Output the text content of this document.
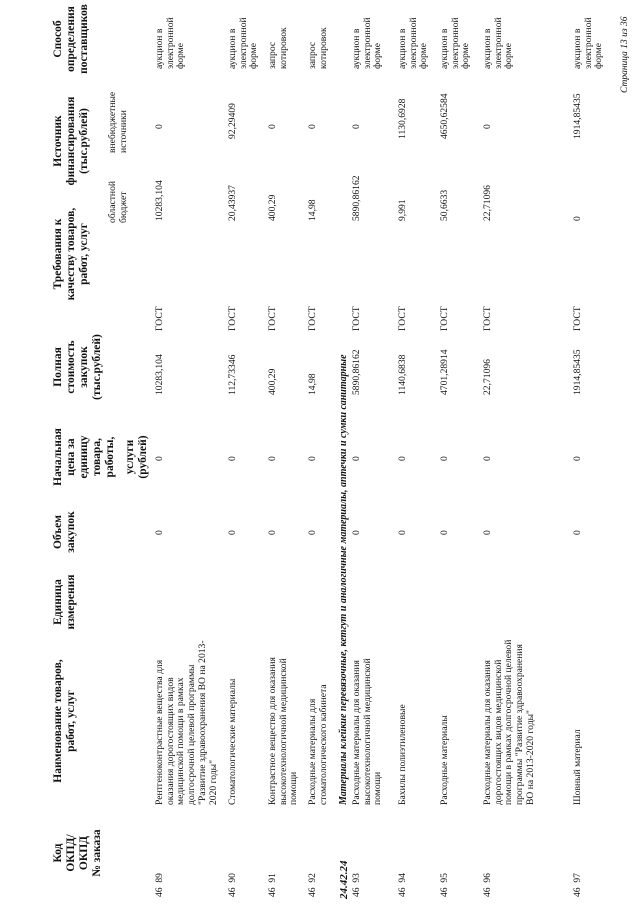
Код ОКПД/ ОКПД № заказа
Наименование товаров, работ, услуг
Единица измерения
Объем закупок
Начальная цена за единицу товара, работы, услуги (рублей)
Полная стоимость закупок (тыс.рублей)
Требования к качеству товаров, работ, услуг
Источник финансирования (тыс.рублей)
областной бюджет
внебюджетные источники
Способ определения поставщиков
46  89
Рентгеноконтрастные вещества для оказания дорогостоящих видов медицинской помощи в рамках долгосрочной целевой программы "Развитие здравоохранения ВО на 2013-2020 годы"
0
0
10283,104
ГОСТ
10283,104
0
аукцион в электронной форме
46  90
Стоматологические материалы
0
0
112,73346
ГОСТ
20,43937
92,29409
аукцион в электронной форме
46  91
Контрастное вещество для оказания высокотехнологичной медицинской помощи
0
0
400,29
ГОСТ
400,29
0
запрос котировок
46  92
Расходные материалы для стоматологического кабинета
0
0
14,98
ГОСТ
14,98
0
запрос котировок
24.42.24
Материалы клейкие перевязочные, кетгут и аналогичные материалы, аптечки и сумки санитарные
46  93
Расходные материалы для оказания высокотехнологичной медицинской помощи
0
0
5890,86162
ГОСТ
5890,86162
0
аукцион в электронной форме
46  94
Бахилы полиэтиленовые
0
0
1140,6838
ГОСТ
9,991
1130,6928
аукцион в электронной форме
46  95
Расходные материалы
0
0
4701,28914
ГОСТ
50,6633
4650,62584
аукцион в электронной форме
46  96
Расходные материалы для оказания дорогостоящих видов медицинской помощи в рамках долгосрочной целевой программы "Развитие здравоохранения ВО на 2013-2020 годы"
0
0
22,71096
ГОСТ
22,71096
0
аукцион в электронной форме
46  97
Шовный материал
0
0
1914,85435
ГОСТ
0
1914,85435
аукцион в электронной форме Страница 13 из 36
